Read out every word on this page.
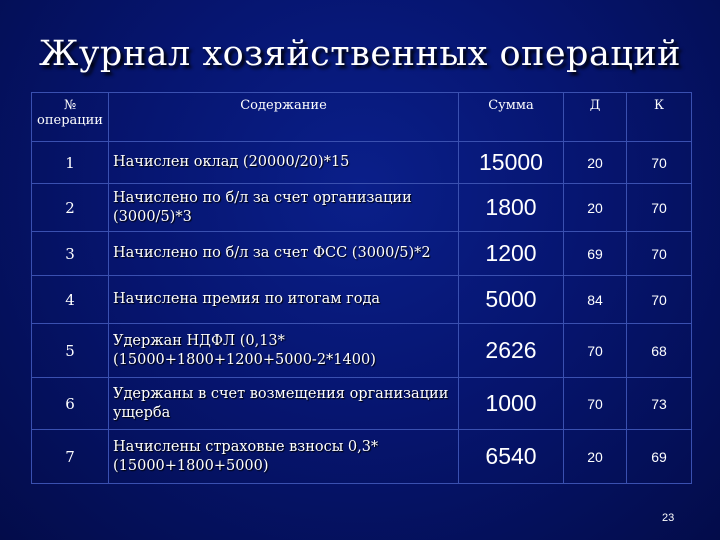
Журнал хозяйственных операций
№ операции	Содержание	Сумма	Д	К
1	Начислен оклад (20000/20)*15	15000	20	70
2	Начислено по б/л за счет организации (3000/5)*3	1800	20	70
3	Начислено по б/л за счет ФСС (3000/5)*2	1200	69	70
4	Начислена премия по итогам года	5000	84	70
5	Удержан НДФЛ (0,13*(15000+1800+1200+5000-2*1400)	2626	70	68
6	Удержаны в счет возмещения организации ущерба	1000	70	73
7	Начислены страховые взносы 0,3*(15000+1800+5000)	6540	20	69
23
